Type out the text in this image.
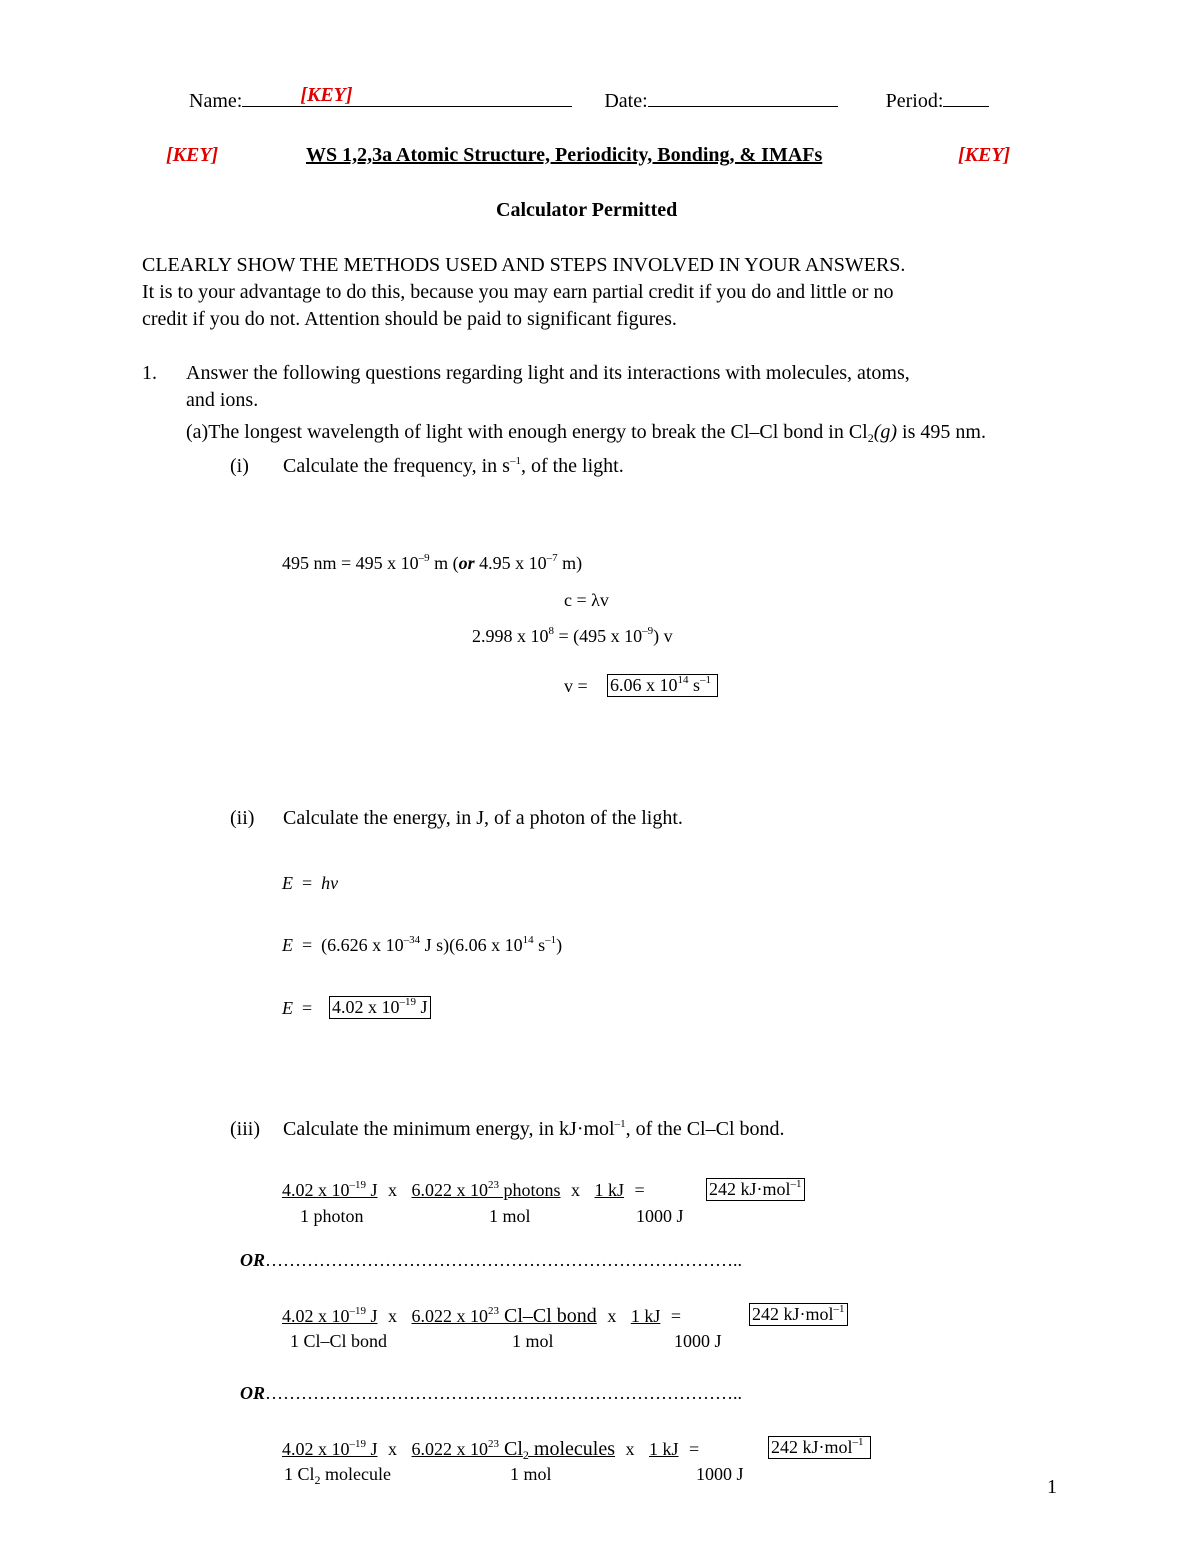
Name:	[KEY]	Date:	Period:
[KEY]	WS 1,2,3a Atomic Structure, Periodicity, Bonding, & IMAFs	[KEY]
Calculator Permitted
CLEARLY SHOW THE METHODS USED AND STEPS INVOLVED IN YOUR ANSWERS.
It is to your advantage to do this, because you may earn partial credit if you do and little or no
credit if you do not. Attention should be paid to significant figures.
1. Answer the following questions regarding light and its interactions with molecules, atoms,
and ions.
(a)The longest wavelength of light with enough energy to break the Cl–Cl bond in $Cl_2(g)$ is 495 nm.
(i) Calculate the frequency, in $s^{-1}$, of the light.
495 nm = 495 x $10^{-9}$ m (or 4.95 x $10^{-7}$ m)
c = λv
2.998 x $10^8 = (495$ x $10^{-9}$) v
v = 6.06 x $10^{14}$ $s^{-1}$
(ii) Calculate the energy, in J, of a photon of the light.
E  =  hv
E  =  (6.626 x $10^{-34}$ J s)(6.06 x $10^{14}$ $s^{-1}$)
E  = 4.02 x $10^{-19}$ J
(iii) Calculate the minimum energy, in kJ·mol$^{-1}$, of the Cl–Cl bond.
4.02 x $10^{-19}$ J x 6.022 x $10^{23}$ photons x 1 kJ =	242 kJ·mol$^{-1}$
1 photon	1 mol	1000 J
OR……………………………………………………………………..
4.02 x $10^{-19}$ J x 6.022 x $10^{23}$ Cl–Cl bond x 1 kJ =	242 kJ·mol$^{-1}$
1 Cl–Cl bond	1 mol	1000 J
OR……………………………………………………………………..
4.02 x $10^{-19}$ J x 6.022 x $10^{23}$ $Cl_2$ molecules x 1 kJ =	242 kJ·mol$^{-1}$
1 $Cl_2$ molecule	1 mol	1000 J
1
